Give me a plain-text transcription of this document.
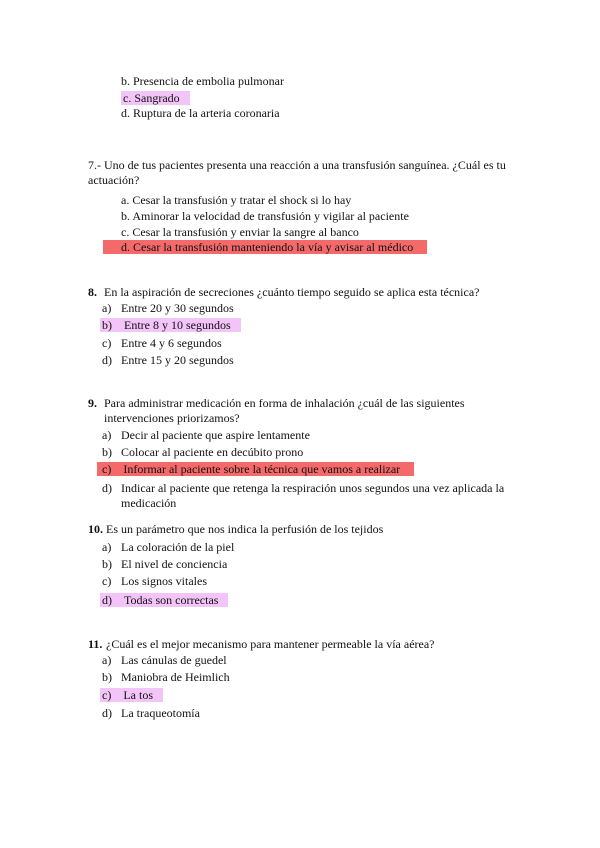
b. Presencia de embolia pulmonar
c. Sangrado
d. Ruptura de la arteria coronaria
7.- Uno de tus pacientes presenta una reacción a una transfusión sanguínea. ¿Cuál es tu
actuación?
a. Cesar la transfusión y tratar el shock si lo hay
b. Aminorar la velocidad de transfusión y vigilar al paciente
c. Cesar la transfusión y enviar la sangre al banco
d. Cesar la transfusión manteniendo la vía y avisar al médico
8. En la aspiración de secreciones ¿cuánto tiempo seguido se aplica esta técnica?
a) Entre 20 y 30 segundos
b) Entre 8 y 10 segundos
c) Entre 4 y 6 segundos
d) Entre 15 y 20 segundos
9. Para administrar medicación en forma de inhalación ¿cuál de las siguientes
intervenciones priorizamos?
a) Decir al paciente que aspire lentamente
b) Colocar al paciente en decúbito prono
c) Informar al paciente sobre la técnica que vamos a realizar
d) Indicar al paciente que retenga la respiración unos segundos una vez aplicada la
medicación
10. Es un parámetro que nos indica la perfusión de los tejidos
a) La coloración de la piel
b) El nivel de conciencia
c) Los signos vitales
d) Todas son correctas
11. ¿Cuál es el mejor mecanismo para mantener permeable la vía aérea?
a) Las cánulas de guedel
b) Maniobra de Heimlich
c) La tos
d) La traqueotomía
